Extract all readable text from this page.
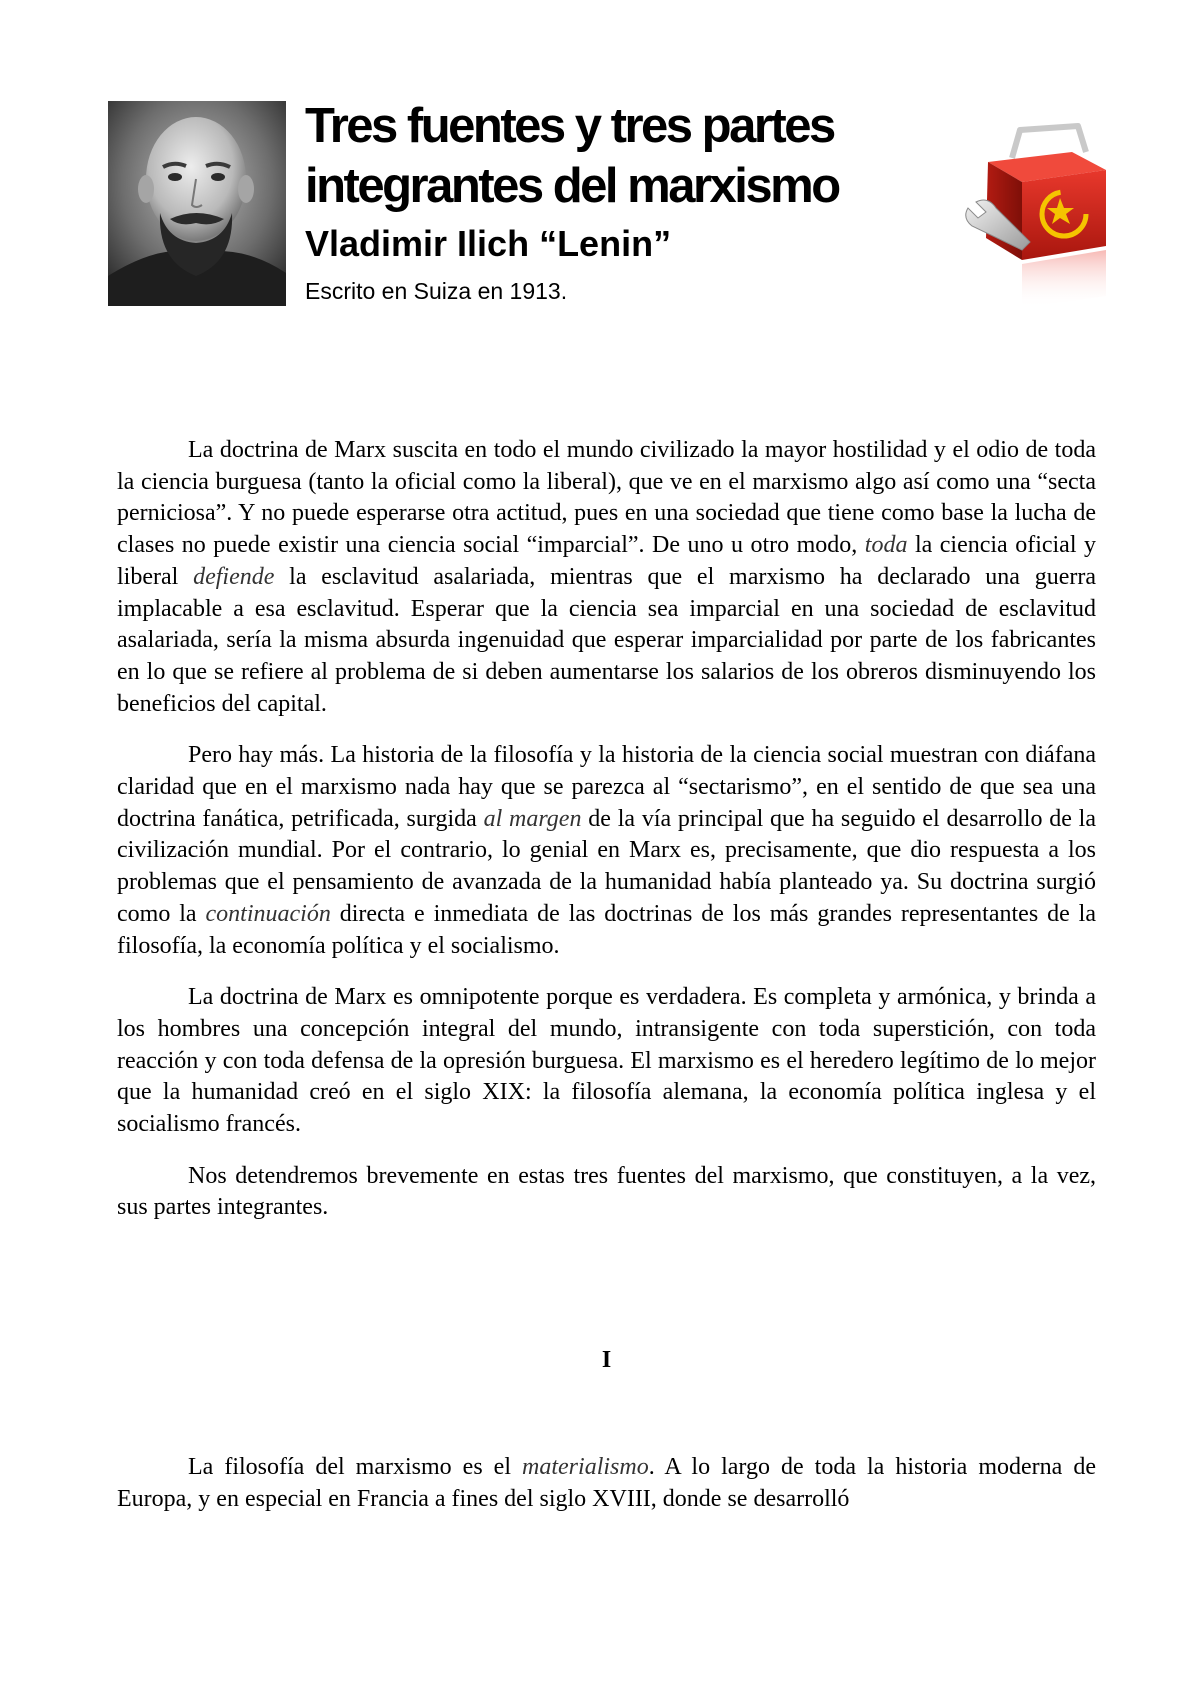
Tres fuentes y tres partes
integrantes del marxismo
Vladimir Ilich “Lenin”
Escrito en Suiza en 1913.

La doctrina de Marx suscita en todo el mundo civilizado la mayor hostilidad y el odio de toda la ciencia burguesa (tanto la oficial como la liberal), que ve en el marxismo algo así como una “secta perniciosa”. Y no puede esperarse otra actitud, pues en una sociedad que tiene como base la lucha de clases no puede existir una ciencia social “imparcial”. De uno u otro modo, toda la ciencia oficial y liberal defiende la esclavitud asalariada, mientras que el marxismo ha declarado una guerra implacable a esa esclavitud. Esperar que la ciencia sea imparcial en una sociedad de esclavitud asalariada, sería la misma absurda ingenuidad que esperar imparcialidad por parte de los fabricantes en lo que se refiere al problema de si deben aumentarse los salarios de los obreros disminuyendo los beneficios del capital.

Pero hay más. La historia de la filosofía y la historia de la ciencia social muestran con diáfana claridad que en el marxismo nada hay que se parezca al “sectarismo”, en el sentido de que sea una doctrina fanática, petrificada, surgida al margen de la vía principal que ha seguido el desarrollo de la civilización mundial. Por el contrario, lo genial en Marx es, precisamente, que dio respuesta a los problemas que el pensamiento de avanzada de la humanidad había planteado ya. Su doctrina surgió como la continuación directa e inmediata de las doctrinas de los más grandes representantes de la filosofía, la economía política y el socialismo.

La doctrina de Marx es omnipotente porque es verdadera. Es completa y armónica, y brinda a los hombres una concepción integral del mundo, intransigente con toda superstición, con toda reacción y con toda defensa de la opresión burguesa. El marxismo es el heredero legítimo de lo mejor que la humanidad creó en el siglo XIX: la filosofía alemana, la economía política inglesa y el socialismo francés.

Nos detendremos brevemente en estas tres fuentes del marxismo, que constituyen, a la vez, sus partes integrantes.

I

La filosofía del marxismo es el materialismo. A lo largo de toda la historia moderna de Europa, y en especial en Francia a fines del siglo XVIII, donde se desarrolló
